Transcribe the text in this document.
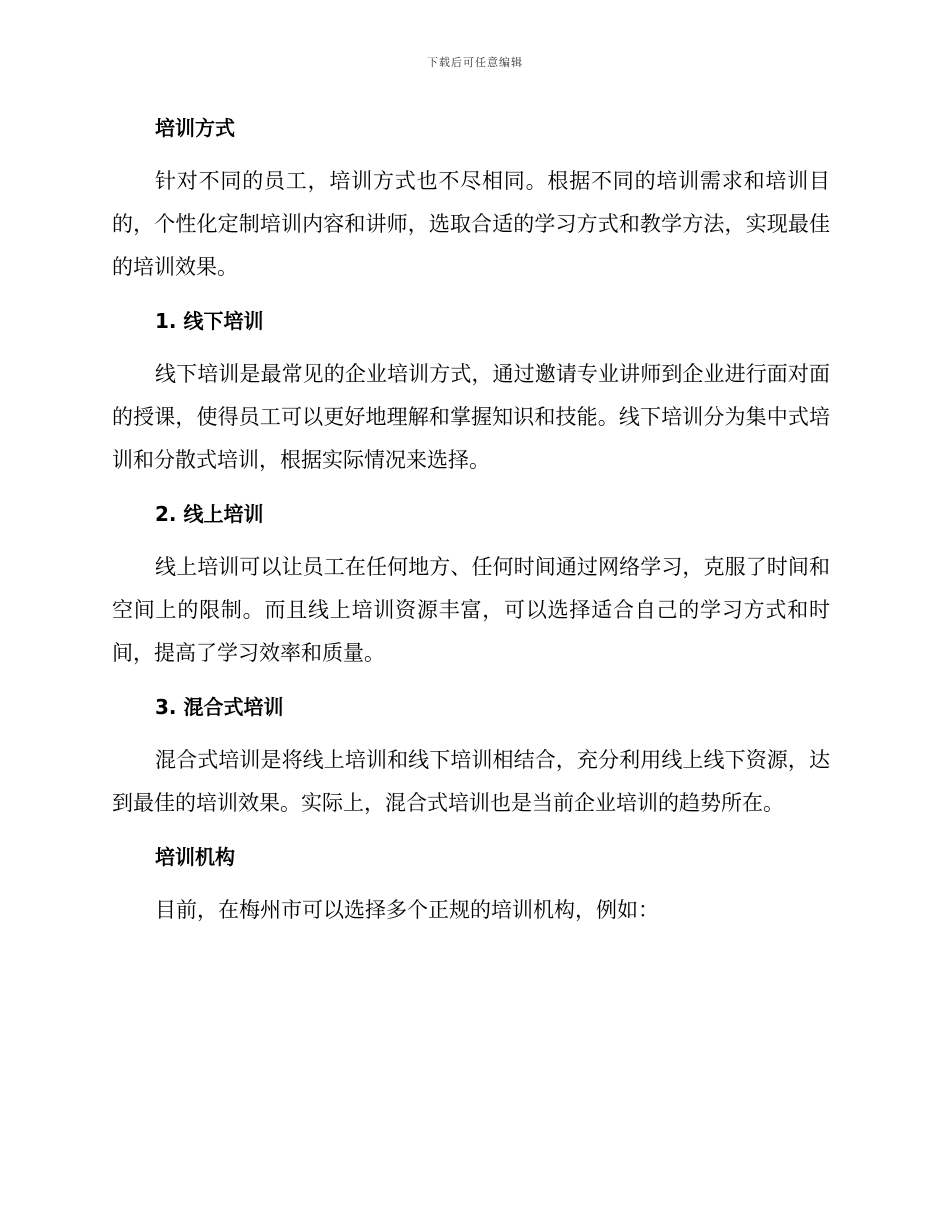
下载后可任意编辑
培训方式

针对不同的员工，培训方式也不尽相同。根据不同的培训需求和培训目的，个性化定制培训内容和讲师，选取合适的学习方式和教学方法，实现最佳的培训效果。

1. 线下培训

线下培训是最常见的企业培训方式，通过邀请专业讲师到企业进行面对面的授课，使得员工可以更好地理解和掌握知识和技能。线下培训分为集中式培训和分散式培训，根据实际情况来选择。

2. 线上培训

线上培训可以让员工在任何地方、任何时间通过网络学习，克服了时间和空间上的限制。而且线上培训资源丰富，可以选择适合自己的学习方式和时间，提高了学习效率和质量。

3. 混合式培训

混合式培训是将线上培训和线下培训相结合，充分利用线上线下资源，达到最佳的培训效果。实际上，混合式培训也是当前企业培训的趋势所在。

培训机构

目前，在梅州市可以选择多个正规的培训机构，例如：
